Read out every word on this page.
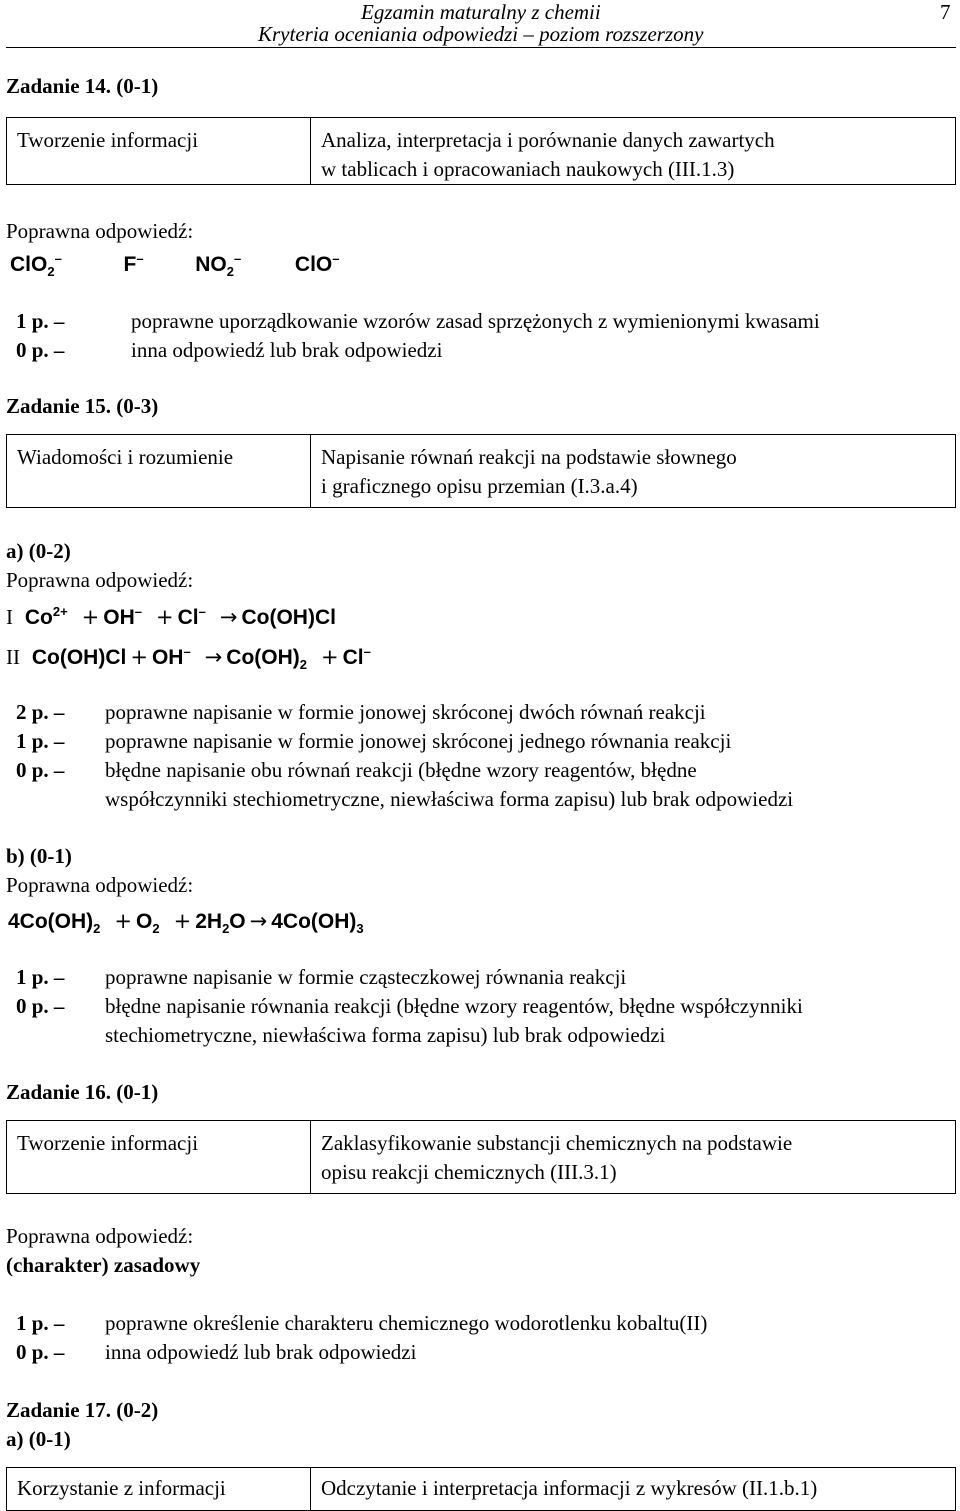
Egzamin maturalny z chemii
Kryteria oceniania odpowiedzi – poziom rozszerzony
7
Zadanie 14. (0-1)
Tworzenie informacji	Analiza, interpretacja i porównanie danych zawartych
w tablicach i opracowaniach naukowych (III.1.3)
Poprawna odpowiedź:
ClO$_2$–	F– $NO_2^-$	ClO–
1 p. –	poprawne uporządkowanie wzorów zasad sprzężonych z wymienionymi kwasami
0 p. –	inna odpowiedź lub brak odpowiedzi
Zadanie 15. (0-3)
Wiadomości i rozumienie	Napisanie równań reakcji na podstawie słownego
i graficznego opisu przemian (I.3.a.4)
a) (0-2)
Poprawna odpowiedź:
I $Co^{2+} + OH^- + Cl^- \to Co(OH)Cl$
II $Co(OH)Cl + OH^- \to Co(OH)_2 + Cl^-$
2 p. – poprawne napisanie w formie jonowej skróconej dwóch równań reakcji
1 p. – poprawne napisanie w formie jonowej skróconej jednego równania reakcji
0 p. – błędne napisanie obu równań reakcji (błędne wzory reagentów, błędne
współczynniki stechiometryczne, niewłaściwa forma zapisu) lub brak odpowiedzi
b) (0-1)
Poprawna odpowiedź:
$4Co(OH)_2 + O_2 + 2H_2O \to 4Co(OH)_3$
1 p. – poprawne napisanie w formie cząsteczkowej równania reakcji
0 p. – błędne napisanie równania reakcji (błędne wzory reagentów, błędne współczynniki
stechiometryczne, niewłaściwa forma zapisu) lub brak odpowiedzi
Zadanie 16. (0-1)
Tworzenie informacji	Zaklasyfikowanie substancji chemicznych na podstawie
opisu reakcji chemicznych (III.3.1)
Poprawna odpowiedź:
(charakter) zasadowy
1 p. – poprawne określenie charakteru chemicznego wodorotlenku kobaltu(II)
0 p. – inna odpowiedź lub brak odpowiedzi
Zadanie 17. (0-2)
a) (0-1)
Korzystanie z informacji	Odczytanie i interpretacja informacji z wykresów (II.1.b.1)
